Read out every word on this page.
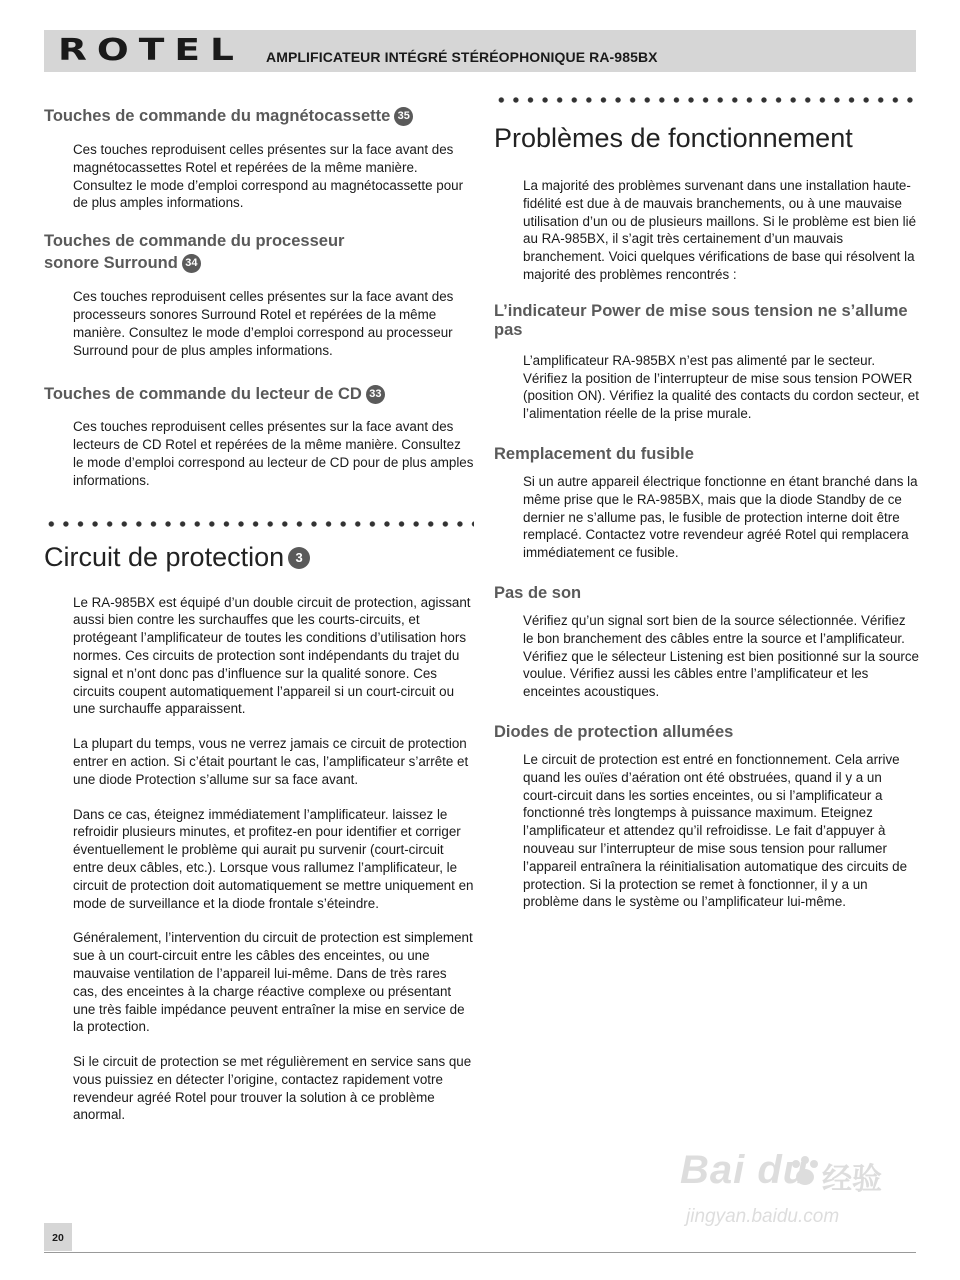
ROTEL AMPLIFICATEUR INTÉGRÉ STÉRÉOPHONIQUE RA-985BX
Touches de commande du magnétocassette 35

Ces touches reproduisent celles présentes sur la face avant des magnétocassettes Rotel et repérées de la même manière. Consultez le mode d’emploi correspond au magnétocassette pour de plus amples informations.

Touches de commande du processeur
sonore Surround 34

Ces touches reproduisent celles présentes sur la face avant des processeurs sonores Surround Rotel et repérées de la même manière. Consultez le mode d’emploi correspond au processeur Surround pour de plus amples informations.

Touches de commande du lecteur de CD 33

Ces touches reproduisent celles présentes sur la face avant des lecteurs de CD Rotel et repérées de la même manière. Consultez le mode d’emploi correspond au lecteur de CD pour de plus amples informations.

Circuit de protection 3

Le RA-985BX est équipé d’un double circuit de protection, agissant aussi bien contre les surchauffes que les courts-circuits, et protégeant l’amplificateur de toutes les conditions d’utilisation hors normes. Ces circuits de protection sont indépendants du trajet du signal et n’ont donc pas d’influence sur la qualité sonore. Ces circuits coupent automatiquement l’appareil si un court-circuit ou une surchauffe apparaissent.

La plupart du temps, vous ne verrez jamais ce circuit de protection entrer en action. Si c’était pourtant le cas, l’amplificateur s’arrête et une diode Protection s’allume sur sa face avant.

Dans ce cas, éteignez immédiatement l’amplificateur. laissez le refroidir plusieurs minutes, et profitez-en pour identifier et corriger éventuellement le problème qui aurait pu survenir (court-circuit entre deux câbles, etc.). Lorsque vous rallumez l’amplificateur, le circuit de protection doit automatiquement se mettre uniquement en mode de surveillance et la diode frontale s’éteindre.

Généralement, l’intervention du circuit de protection est simplement sue à un court-circuit entre les câbles des enceintes, ou une mauvaise ventilation de l’appareil lui-même. Dans de très rares cas, des enceintes à la charge réactive complexe ou présentant une très faible impédance peuvent entraîner la mise en service de la protection.

Si le circuit de protection se met régulièrement en service sans que vous puissiez en détecter l’origine, contactez rapidement votre revendeur agréé Rotel pour trouver la solution à ce problème anormal.

Problèmes de fonctionnement

La majorité des problèmes survenant dans une installation haute-fidélité est due à de mauvais branchements, ou à une mauvaise utilisation d’un ou de plusieurs maillons. Si le problème est bien lié au RA-985BX, il s’agit très certainement d’un mauvais branchement. Voici quelques vérifications de base qui résolvent la majorité des problèmes rencontrés :

L’indicateur Power de mise sous tension ne s’allume pas

L’amplificateur RA-985BX n’est pas alimenté par le secteur. Vérifiez la position de l’interrupteur de mise sous tension POWER (position ON). Vérifiez la qualité des contacts du cordon secteur, et l’alimentation réelle de la prise murale.

Remplacement du fusible

Si un autre appareil électrique fonctionne en étant branché dans la même prise que le RA-985BX, mais que la diode Standby de ce dernier ne s’allume pas, le fusible de protection interne doit être remplacé. Contactez votre revendeur agréé Rotel qui remplacera immédiatement ce fusible.

Pas de son

Vérifiez qu’un signal sort bien de la source sélectionnée. Vérifiez le bon branchement des câbles entre la source et l’amplificateur. Vérifiez que le sélecteur Listening est bien positionné sur la source voulue. Vérifiez aussi les câbles entre l’amplificateur et les enceintes acoustiques.

Diodes de protection allumées

Le circuit de protection est entré en fonctionnement. Cela arrive quand les ouïes d’aération ont été obstruées, quand il y a un court-circuit dans les sorties enceintes, ou si l’amplificateur a fonctionné très longtemps à puissance maximum. Eteignez l’amplificateur et attendez qu’il refroidisse. Le fait d’appuyer à nouveau sur l’interrupteur de mise sous tension pour rallumer l’appareil entraînera la réinitialisation automatique des circuits de protection. Si la protection se remet à fonctionner, il y a un problème dans le système ou l’amplificateur lui-même.

20
Bai du 经验
jingyan.baidu.com
